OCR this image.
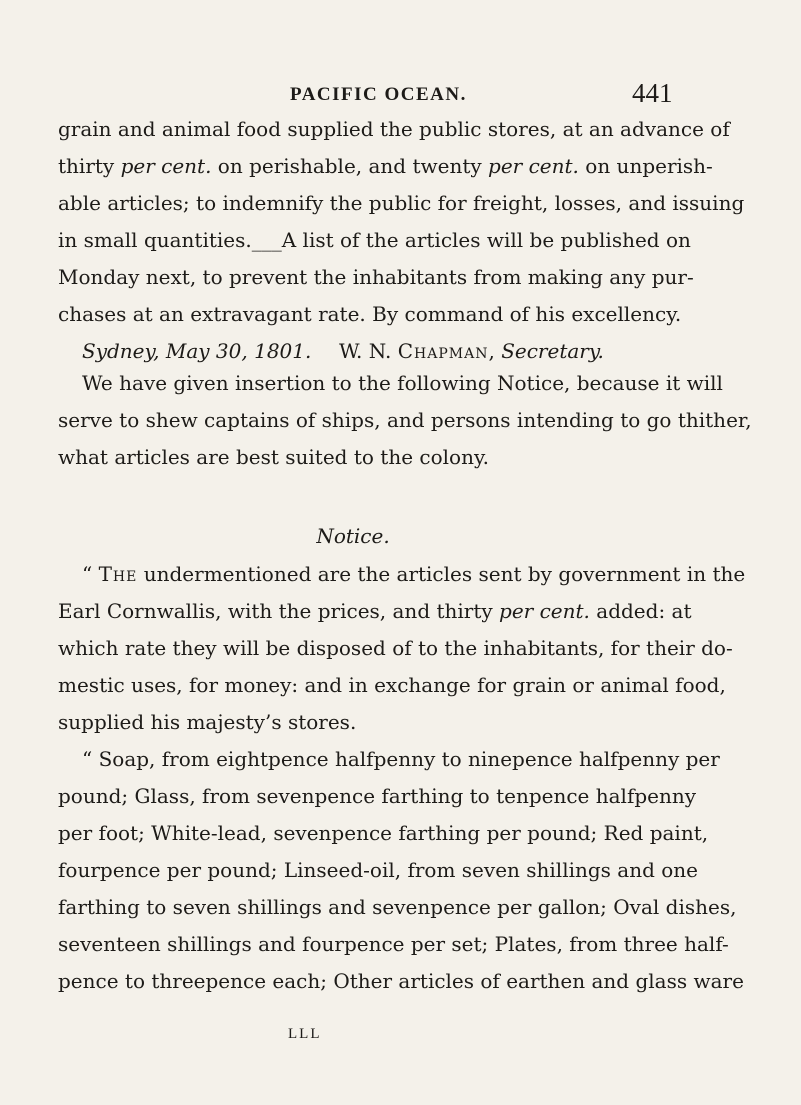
PACIFIC OCEAN.	441
grain and animal food supplied the public stores, at an advance of
thirty per cent. on perishable, and twenty per cent. on unperish-
able articles; to indemnify the public for freight, losses, and issuing
in small quantities.___A list of the articles will be published on
Monday next, to prevent the inhabitants from making any pur-
chases at an extravagant rate. By command of his excellency.
Sydney, May 30, 1801. W. N. Chapman, Secretary.
We have given insertion to the following Notice, because it will
serve to shew captains of ships, and persons intending to go thither,
what articles are best suited to the colony.
Notice.
“ The undermentioned are the articles sent by government in the
Earl Cornwallis, with the prices, and thirty per cent. added: at
which rate they will be disposed of to the inhabitants, for their do-
mestic uses, for money: and in exchange for grain or animal food,
supplied his majesty’s stores.
“ Soap, from eightpence halfpenny to ninepence halfpenny per
pound; Glass, from sevenpence farthing to tenpence halfpenny
per foot; White-lead, sevenpence farthing per pound; Red paint,
fourpence per pound; Linseed-oil, from seven shillings and one
farthing to seven shillings and sevenpence per gallon; Oval dishes,
seventeen shillings and fourpence per set; Plates, from three half-
pence to threepence each; Other articles of earthen and glass ware
LLL
